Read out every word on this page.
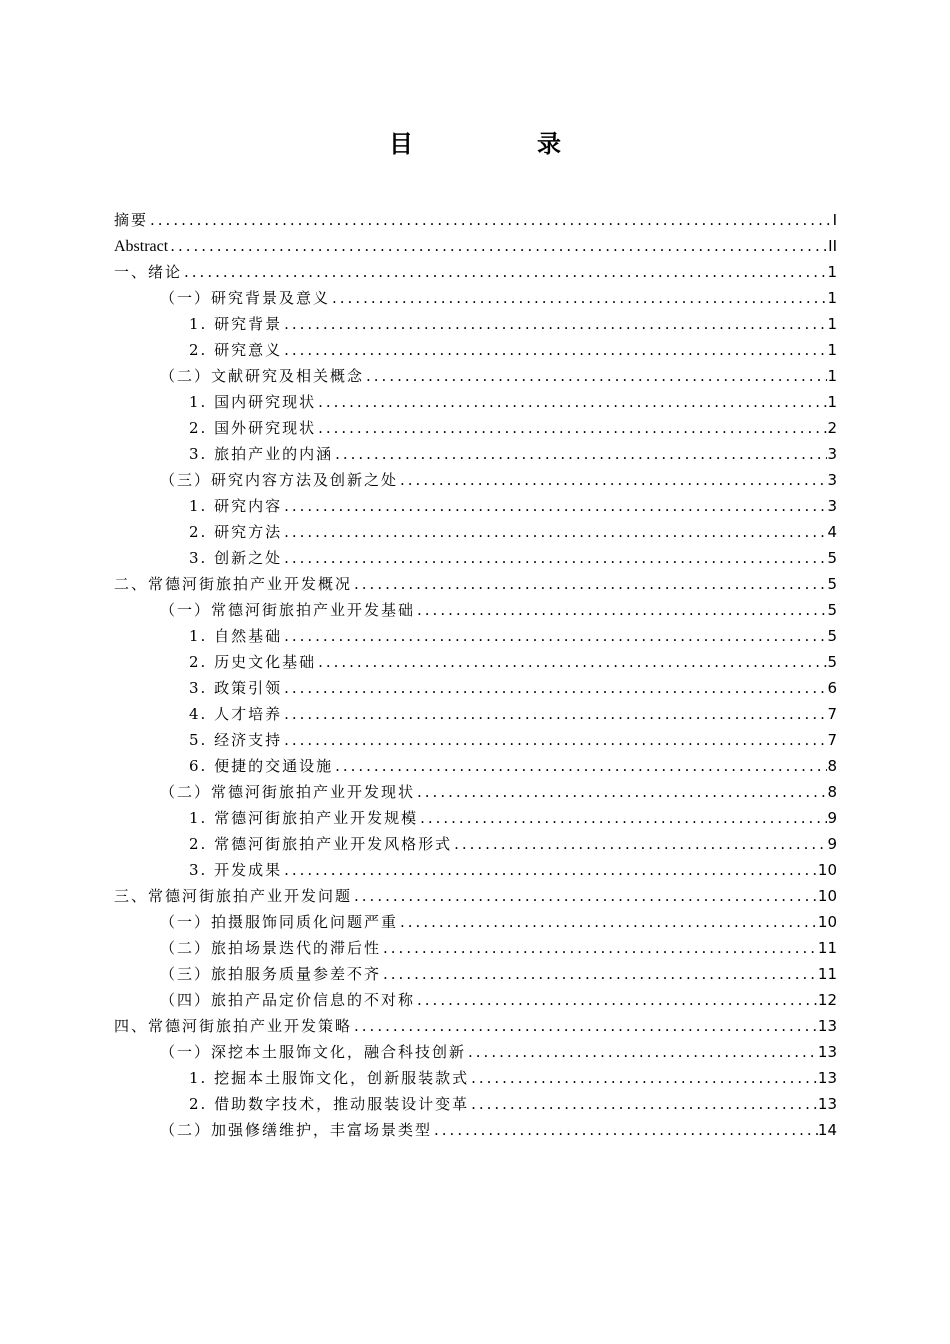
目　录
摘要 .....	I
Abstract .....	II
一、绪论 .....	1
（一）研究背景及意义 .....	1
1. 研究背景 .....	1
2. 研究意义 .....	1
（二）文献研究及相关概念 .....	1
1. 国内研究现状 .....	1
2. 国外研究现状 .....	2
3. 旅拍产业的内涵 .....	3
（三）研究内容方法及创新之处 .....	3
1. 研究内容 .....	3
2. 研究方法 .....	4
3. 创新之处 .....	5
二、常德河街旅拍产业开发概况 .....	5
（一）常德河街旅拍产业开发基础 .....	5
1. 自然基础 .....	5
2. 历史文化基础 .....	5
3. 政策引领 .....	6
4. 人才培养 .....	7
5. 经济支持 .....	7
6. 便捷的交通设施 .....	8
（二）常德河街旅拍产业开发现状 .....	8
1. 常德河街旅拍产业开发规模 .....	9
2. 常德河街旅拍产业开发风格形式 .....	9
3. 开发成果 .....	10
三、常德河街旅拍产业开发问题 .....	10
（一）拍摄服饰同质化问题严重 .....	10
（二）旅拍场景迭代的滞后性 .....	11
（三）旅拍服务质量参差不齐 .....	11
（四）旅拍产品定价信息的不对称 .....	12
四、常德河街旅拍产业开发策略 .....	13
（一）深挖本土服饰文化，融合科技创新 .....	13
1. 挖掘本土服饰文化，创新服装款式 .....	13
2. 借助数字技术，推动服装设计变革 .....	13
（二）加强修缮维护，丰富场景类型 .....	14
